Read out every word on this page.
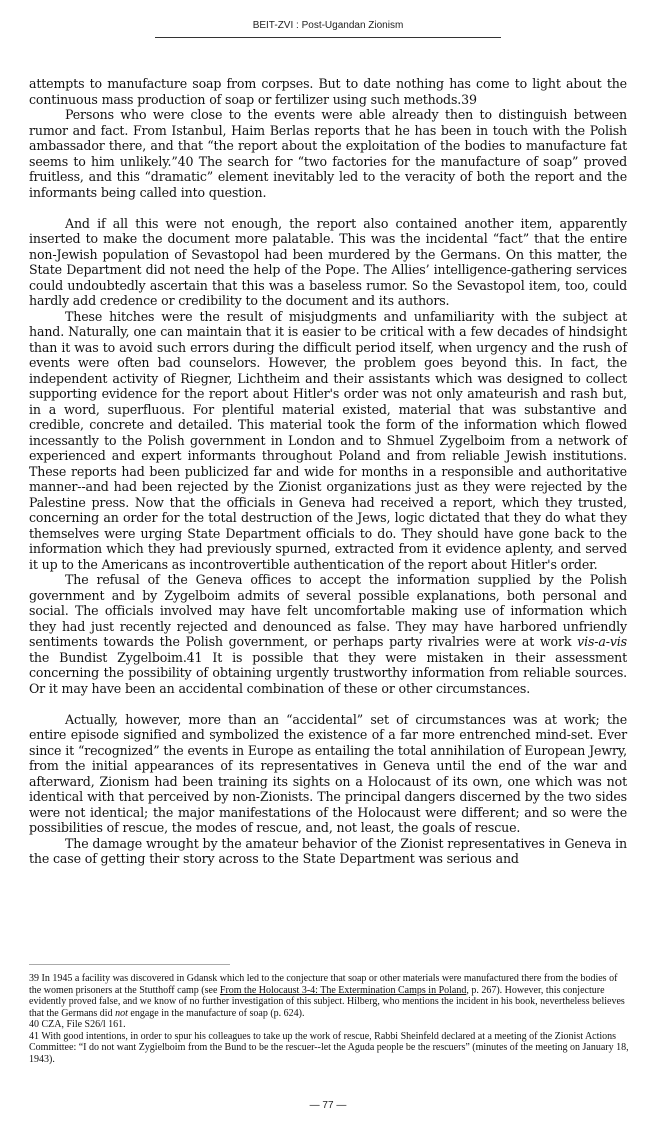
BEIT-ZVI : Post-Ugandan Zionism

attempts to manufacture soap from corpses. But to date nothing has come to light about the continuous mass production of soap or fertilizer using such methods.39

Persons who were close to the events were able already then to distinguish between rumor and fact. From Istanbul, Haim Berlas reports that he has been in touch with the Polish ambassador there, and that “the report about the exploitation of the bodies to manufacture fat seems to him unlikely.”40 The search for “two factories for the manufacture of soap” proved fruitless, and this “dramatic” element inevitably led to the veracity of both the report and the informants being called into question.

And if all this were not enough, the report also contained another item, apparently inserted to make the document more palatable. This was the incidental “fact” that the entire non-Jewish population of Sevastopol had been murdered by the Germans. On this matter, the State Department did not need the help of the Pope. The Allies’ intelligence-gathering services could undoubtedly ascertain that this was a baseless rumor. So the Sevastopol item, too, could hardly add credence or credibility to the document and its authors.

These hitches were the result of misjudgments and unfamiliarity with the subject at hand. Naturally, one can maintain that it is easier to be critical with a few decades of hindsight than it was to avoid such errors during the difficult period itself, when urgency and the rush of events were often bad counselors. However, the problem goes beyond this. In fact, the independent activity of Riegner, Lichtheim and their assistants which was designed to collect supporting evidence for the report about Hitler's order was not only amateurish and rash but, in a word, superfluous. For plentiful material existed, material that was substantive and credible, concrete and detailed. This material took the form of the information which flowed incessantly to the Polish government in London and to Shmuel Zygelboim from a network of experienced and expert informants throughout Poland and from reliable Jewish institutions. These reports had been publicized far and wide for months in a responsible and authoritative manner--and had been rejected by the Zionist organizations just as they were rejected by the Palestine press. Now that the officials in Geneva had received a report, which they trusted, concerning an order for the total destruction of the Jews, logic dictated that they do what they themselves were urging State Department officials to do. They should have gone back to the information which they had previously spurned, extracted from it evidence aplenty, and served it up to the Americans as incontrovertible authentication of the report about Hitler's order.

The refusal of the Geneva offices to accept the information supplied by the Polish government and by Zygelboim admits of several possible explanations, both personal and social. The officials involved may have felt uncomfortable making use of information which they had just recently rejected and denounced as false. They may have harbored unfriendly sentiments towards the Polish government, or perhaps party rivalries were at work vis-a-vis the Bundist Zygelboim.41 It is possible that they were mistaken in their assessment concerning the possibility of obtaining urgently trustworthy information from reliable sources. Or it may have been an accidental combination of these or other circumstances.

Actually, however, more than an “accidental” set of circumstances was at work; the entire episode signified and symbolized the existence of a far more entrenched mind-set. Ever since it “recognized” the events in Europe as entailing the total annihilation of European Jewry, from the initial appearances of its representatives in Geneva until the end of the war and afterward, Zionism had been training its sights on a Holocaust of its own, one which was not identical with that perceived by non-Zionists. The principal dangers discerned by the two sides were not identical; the major manifestations of the Holocaust were different; and so were the possibilities of rescue, the modes of rescue, and, not least, the goals of rescue.

The damage wrought by the amateur behavior of the Zionist representatives in Geneva in the case of getting their story across to the State Department was serious and

39 In 1945 a facility was discovered in Gdansk which led to the conjecture that soap or other materials were manufactured there from the bodies of the women prisoners at the Stutthoff camp (see From the Holocaust 3-4: The Extermination Camps in Poland, p. 267). However, this conjecture evidently proved false, and we know of no further investigation of this subject. Hilberg, who mentions the incident in his book, nevertheless believes that the Germans did not engage in the manufacture of soap (p. 624).

40 CZA, File S26/l 161.

41 With good intentions, in order to spur his colleagues to take up the work of rescue, Rabbi Sheinfeld declared at a meeting of the Zionist Actions Committee: “I do not want Zygielboim from the Bund to be the rescuer--let the Aguda people be the rescuers” (minutes of the meeting on January 18, 1943).

— 77 —
